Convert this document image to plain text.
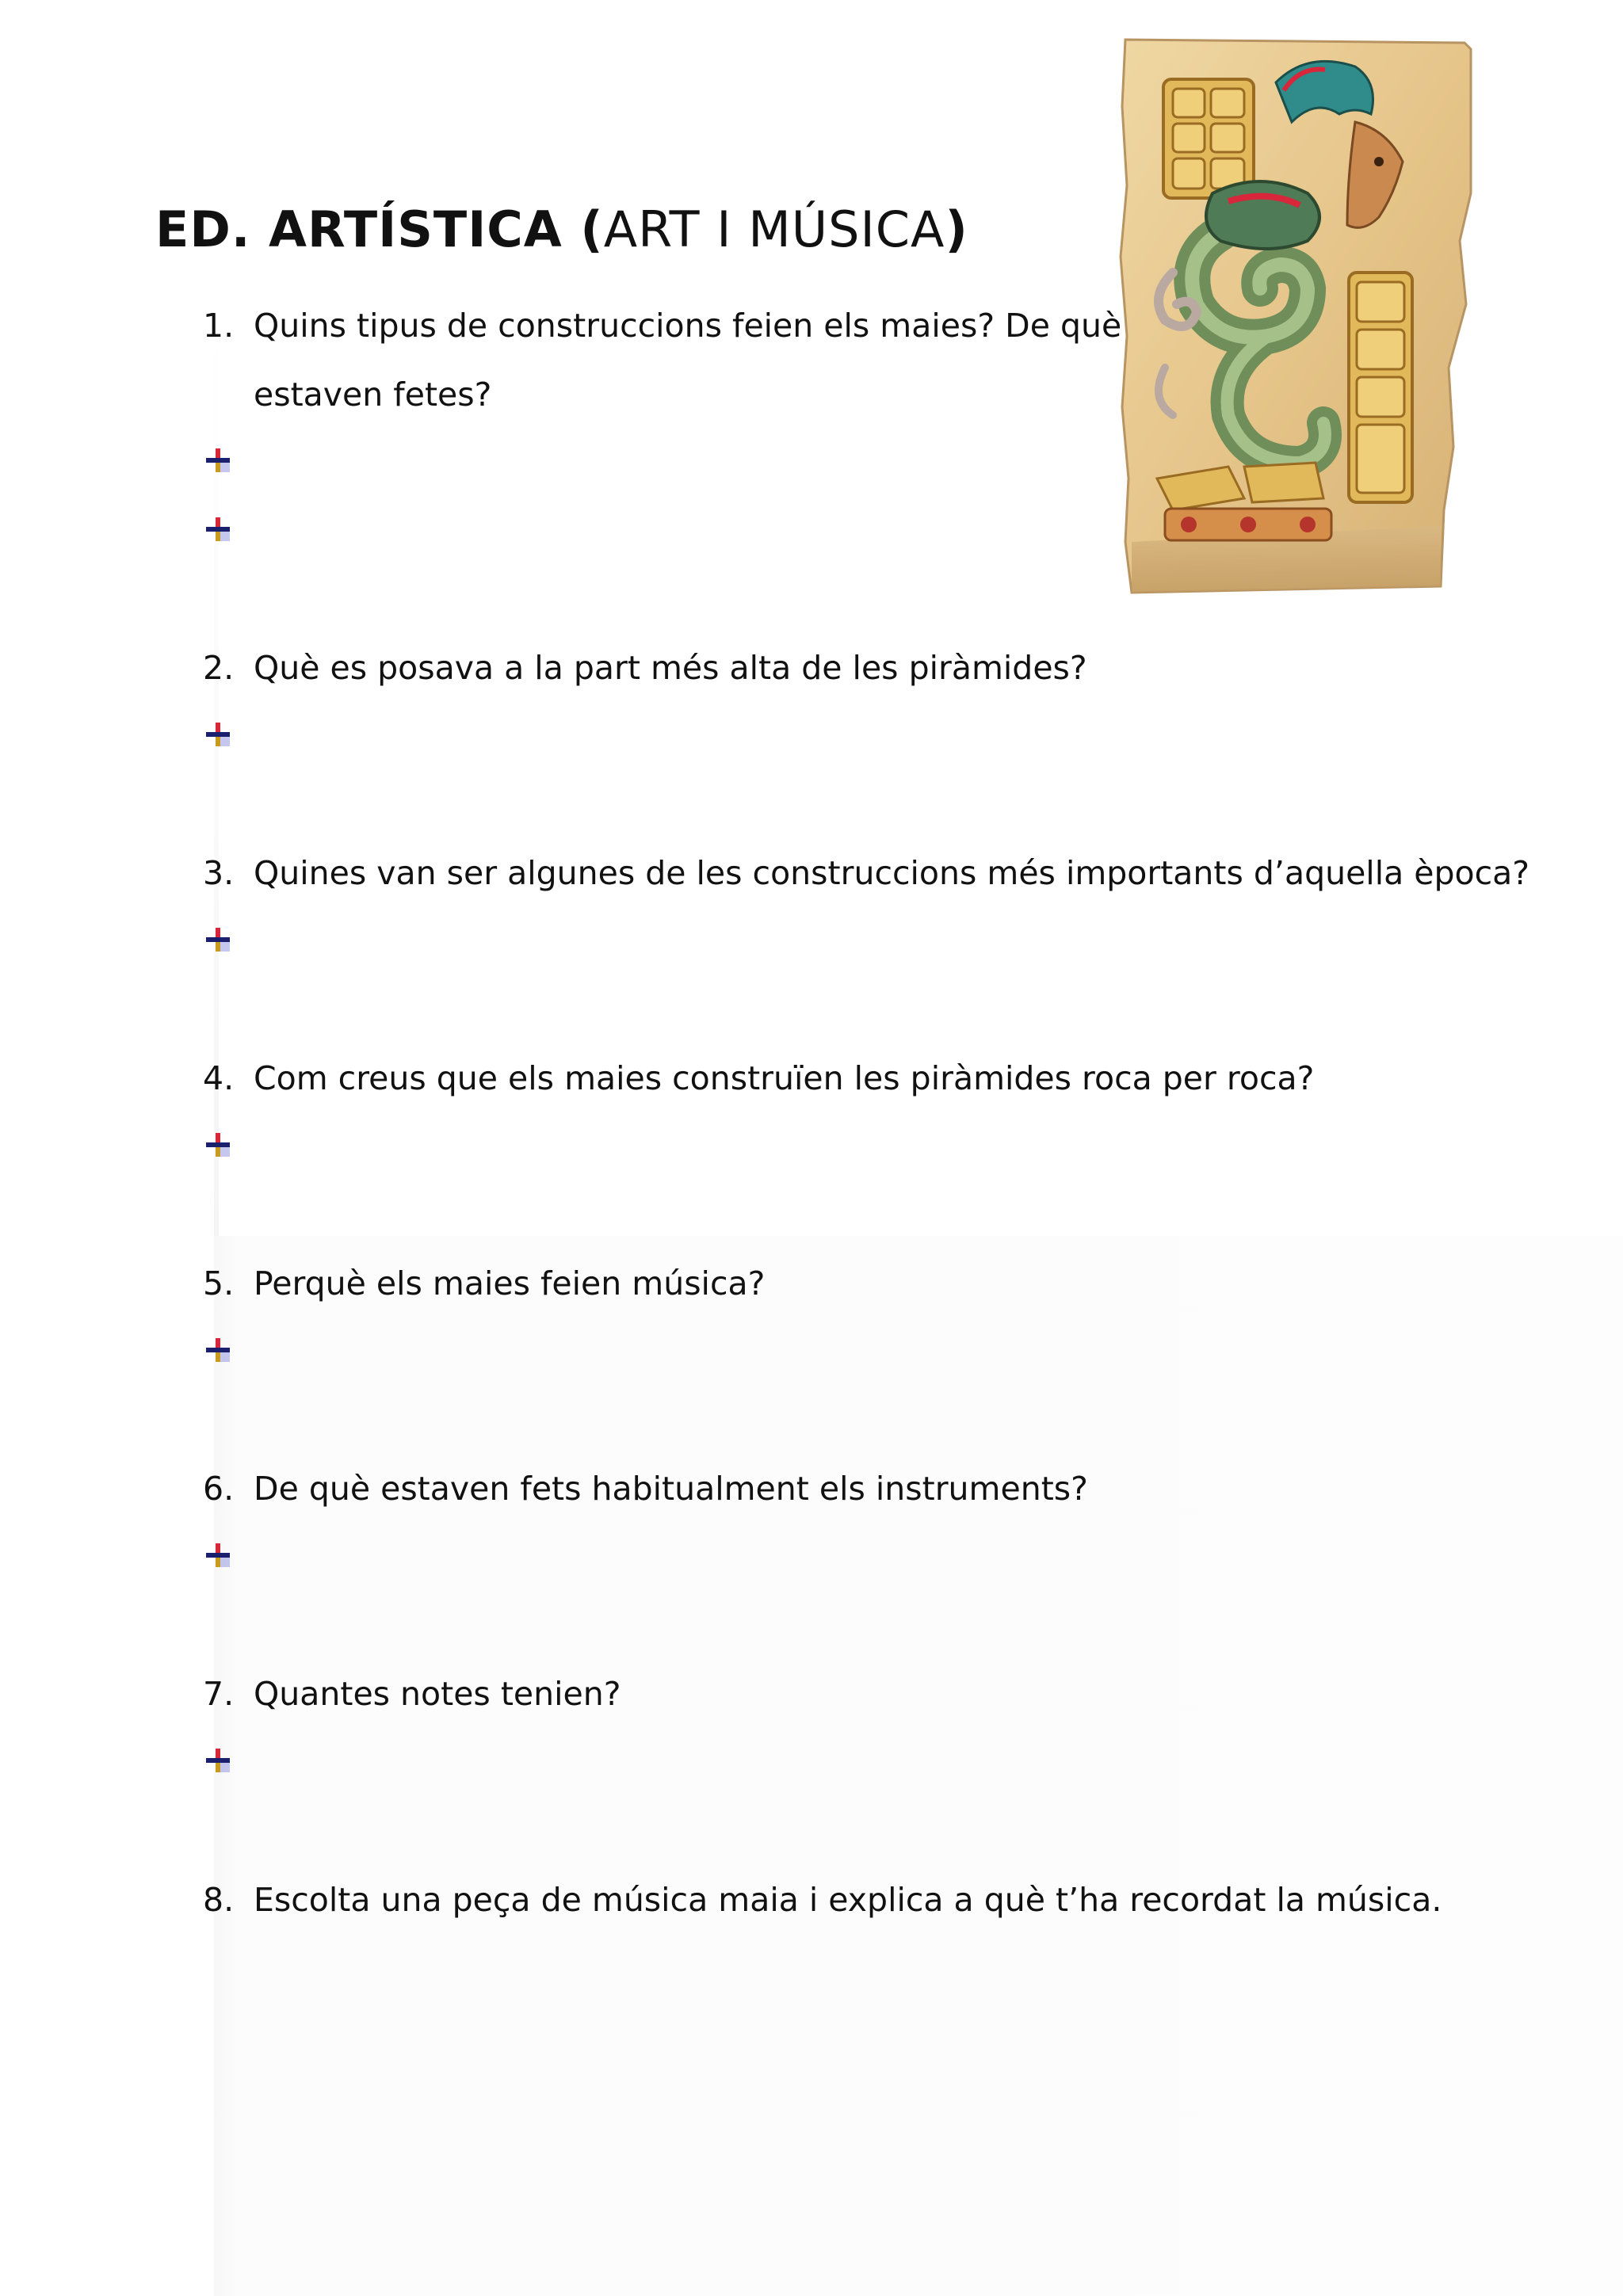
ED. ARTÍSTICA (ART I MÚSICA)
1. Quins tipus de construccions feien els maies? De què
estaven fetes?
2. Què es posava a la part més alta de les piràmides?
3. Quines van ser algunes de les construccions més importants d’aquella època?
4. Com creus que els maies construïen les piràmides roca per roca?
5. Perquè els maies feien música?
6. De què estaven fets habitualment els instruments?
7. Quantes notes tenien?
8. Escolta una peça de música maia i explica a què t’ha recordat la música.
